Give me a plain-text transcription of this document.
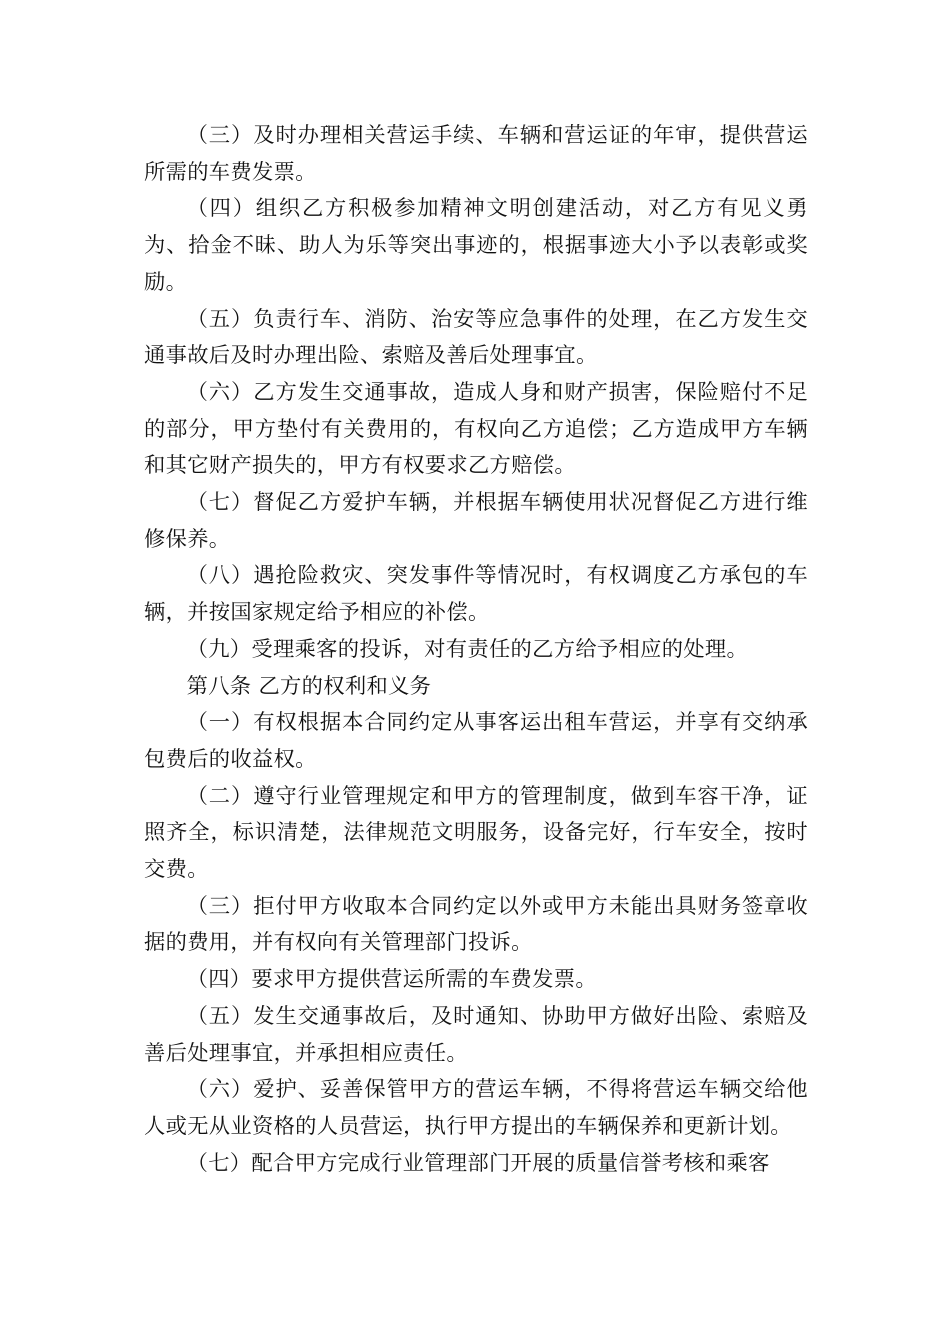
（三）及时办理相关营运手续、车辆和营运证的年审，提供营运所需的车费发票。

（四）组织乙方积极参加精神文明创建活动，对乙方有见义勇为、拾金不昧、助人为乐等突出事迹的，根据事迹大小予以表彰或奖励。

（五）负责行车、消防、治安等应急事件的处理，在乙方发生交通事故后及时办理出险、索赔及善后处理事宜。

（六）乙方发生交通事故，造成人身和财产损害，保险赔付不足的部分，甲方垫付有关费用的，有权向乙方追偿；乙方造成甲方车辆和其它财产损失的，甲方有权要求乙方赔偿。

（七）督促乙方爱护车辆，并根据车辆使用状况督促乙方进行维修保养。

（八）遇抢险救灾、突发事件等情况时，有权调度乙方承包的车辆，并按国家规定给予相应的补偿。

（九）受理乘客的投诉，对有责任的乙方给予相应的处理。

第八条 乙方的权利和义务

（一）有权根据本合同约定从事客运出租车营运，并享有交纳承包费后的收益权。

（二）遵守行业管理规定和甲方的管理制度，做到车容干净，证照齐全，标识清楚，法律规范文明服务，设备完好，行车安全，按时交费。

（三）拒付甲方收取本合同约定以外或甲方未能出具财务签章收据的费用，并有权向有关管理部门投诉。

（四）要求甲方提供营运所需的车费发票。

（五）发生交通事故后，及时通知、协助甲方做好出险、索赔及善后处理事宜，并承担相应责任。

（六）爱护、妥善保管甲方的营运车辆，不得将营运车辆交给他人或无从业资格的人员营运，执行甲方提出的车辆保养和更新计划。

（七）配合甲方完成行业管理部门开展的质量信誉考核和乘客
